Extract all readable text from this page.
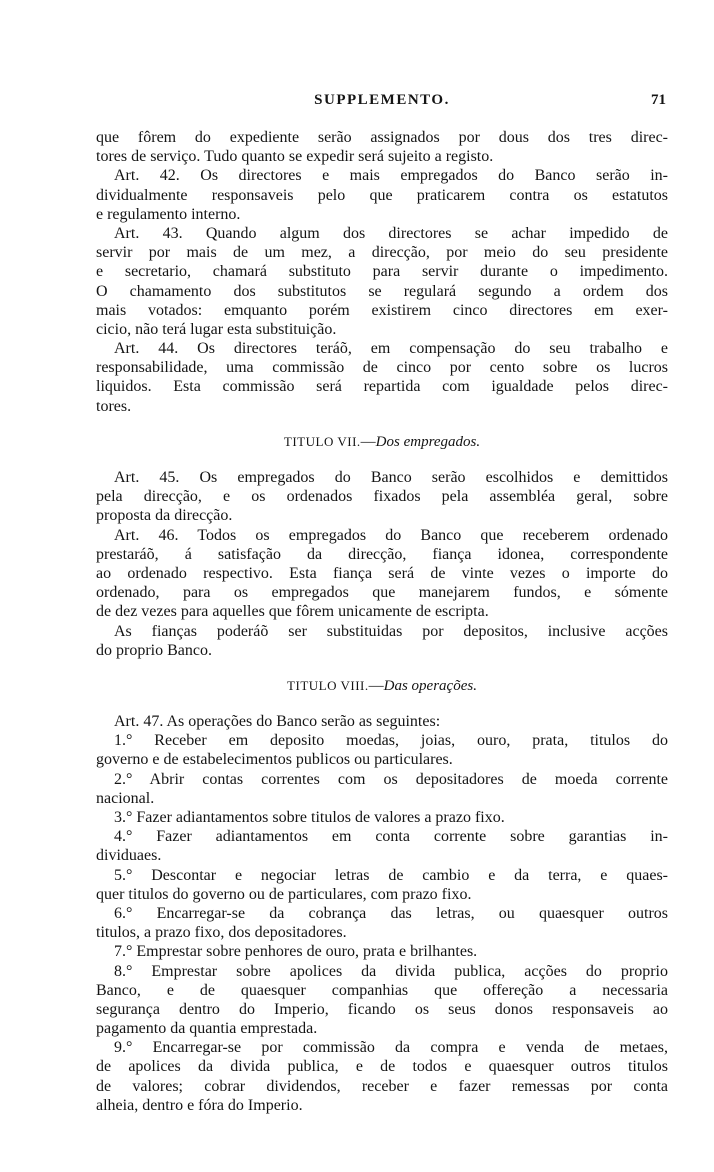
SUPPLEMENTO.	71
que fôrem do expediente serão assignados por dous dos tres direc-
tores de serviço. Tudo quanto se expedir será sujeito a registo.
Art. 42. Os directores e mais empregados do Banco serão in-
dividualmente responsaveis pelo que praticarem contra os estatutos
e regulamento interno.
Art. 43. Quando algum dos directores se achar impedido de
servir por mais de um mez, a direcção, por meio do seu presidente
e secretario, chamará substituto para servir durante o impedimento.
O chamamento dos substitutos se regulará segundo a ordem dos
mais votados: emquanto porém existirem cinco directores em exer-
cicio, não terá lugar esta substituição.
Art. 44. Os directores teráõ, em compensação do seu trabalho e
responsabilidade, uma commissão de cinco por cento sobre os lucros
liquidos. Esta commissão será repartida com igualdade pelos direc-
tores.
TITULO VII.—Dos empregados.
Art. 45. Os empregados do Banco serão escolhidos e demittidos
pela direcção, e os ordenados fixados pela assembléa geral, sobre
proposta da direcção.
Art. 46. Todos os empregados do Banco que receberem ordenado
prestaráõ, á satisfação da direcção, fiança idonea, correspondente
ao ordenado respectivo. Esta fiança será de vinte vezes o importe do
ordenado, para os empregados que manejarem fundos, e sómente
de dez vezes para aquelles que fôrem unicamente de escripta.
As fianças poderáõ ser substituidas por depositos, inclusive acções
do proprio Banco.
TITULO VIII.—Das operações.
Art. 47. As operações do Banco serão as seguintes:
1.° Receber em deposito moedas, joias, ouro, prata, titulos do
governo e de estabelecimentos publicos ou particulares.
2.° Abrir contas correntes com os depositadores de moeda corrente
nacional.
3.° Fazer adiantamentos sobre titulos de valores a prazo fixo.
4.° Fazer adiantamentos em conta corrente sobre garantias in-
dividuaes.
5.° Descontar e negociar letras de cambio e da terra, e quaes-
quer titulos do governo ou de particulares, com prazo fixo.
6.° Encarregar-se da cobrança das letras, ou quaesquer outros
titulos, a prazo fixo, dos depositadores.
7.° Emprestar sobre penhores de ouro, prata e brilhantes.
8.° Emprestar sobre apolices da divida publica, acções do proprio
Banco, e de quaesquer companhias que offereção a necessaria
segurança dentro do Imperio, ficando os seus donos responsaveis ao
pagamento da quantia emprestada.
9.° Encarregar-se por commissão da compra e venda de metaes,
de apolices da divida publica, e de todos e quaesquer outros titulos
de valores; cobrar dividendos, receber e fazer remessas por conta
alheia, dentro e fóra do Imperio.
